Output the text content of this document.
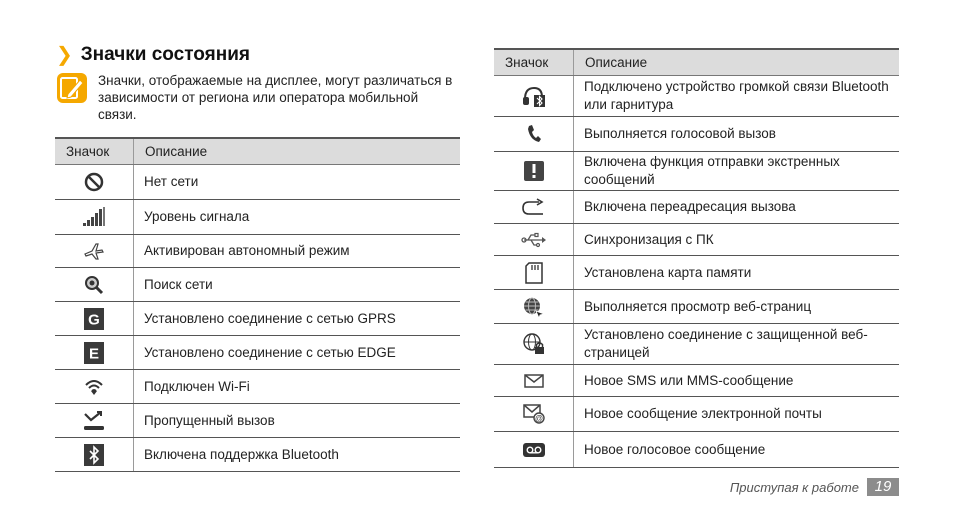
❯ Значки состояния
Значки, отображаемые на дисплее, могут различаться в зависимости от региона или оператора мобильной связи.
Значок	Описание
	Нет сети
	Уровень сигнала
	Активирован автономный режим
	Поиск сети

G	Установлено соединение с сетью GPRS

E	Установлено соединение с сетью EDGE
	Подключен Wi-Fi
	Пропущенный вызов
	Включена поддержка Bluetooth
Значок	Описание
	Подключено устройство громкой связи Bluetooth или гарнитура
	Выполняется голосовой вызов
	Включена функция отправки экстренных сообщений
	Включена переадресация вызова
	Синхронизация с ПК
	Установлена карта памяти
	Выполняется просмотр веб-страниц
	Установлено соединение с защищенной веб-страницей
	Новое SMS или MMS-сообщение

@	Новое сообщение электронной почты
	Новое голосовое сообщение
Приступая к работе	19
